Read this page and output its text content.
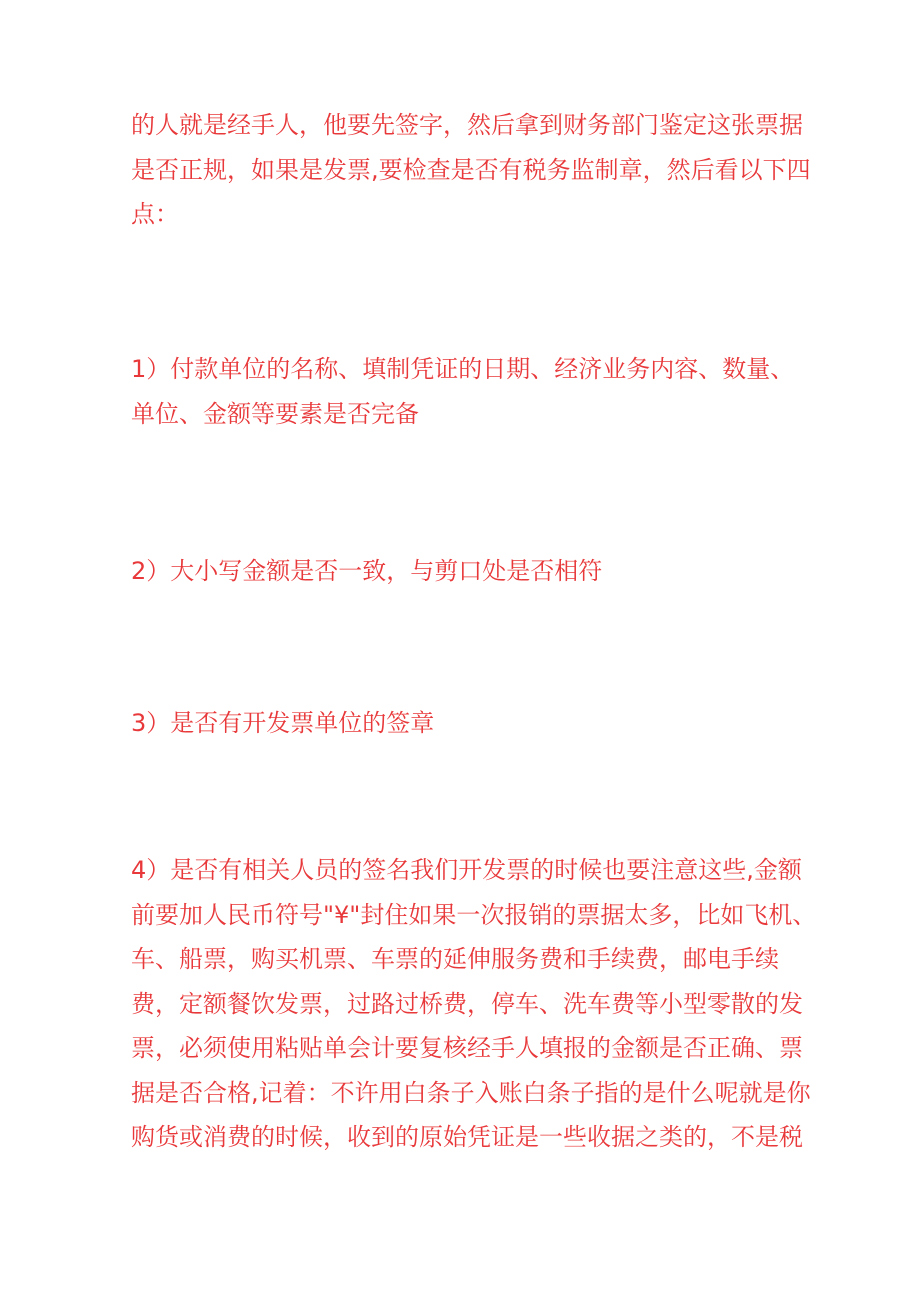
的人就是经手人，他要先签字，然后拿到财务部门鉴定这张票据
是否正规，如果是发票,要检查是否有税务监制章，然后看以下四
点：

1）付款单位的名称、填制凭证的日期、经济业务内容、数量、
单位、金额等要素是否完备

2）大小写金额是否一致，与剪口处是否相符

3）是否有开发票单位的签章

4）是否有相关人员的签名我们开发票的时候也要注意这些,金额
前要加人民币符号"¥"封住如果一次报销的票据太多，比如飞机、
车、船票，购买机票、车票的延伸服务费和手续费，邮电手续
费，定额餐饮发票，过路过桥费，停车、洗车费等小型零散的发
票，必须使用粘贴单会计要复核经手人填报的金额是否正确、票
据是否合格,记着：不许用白条子入账白条子指的是什么呢就是你
购货或消费的时候，收到的原始凭证是一些收据之类的，不是税
